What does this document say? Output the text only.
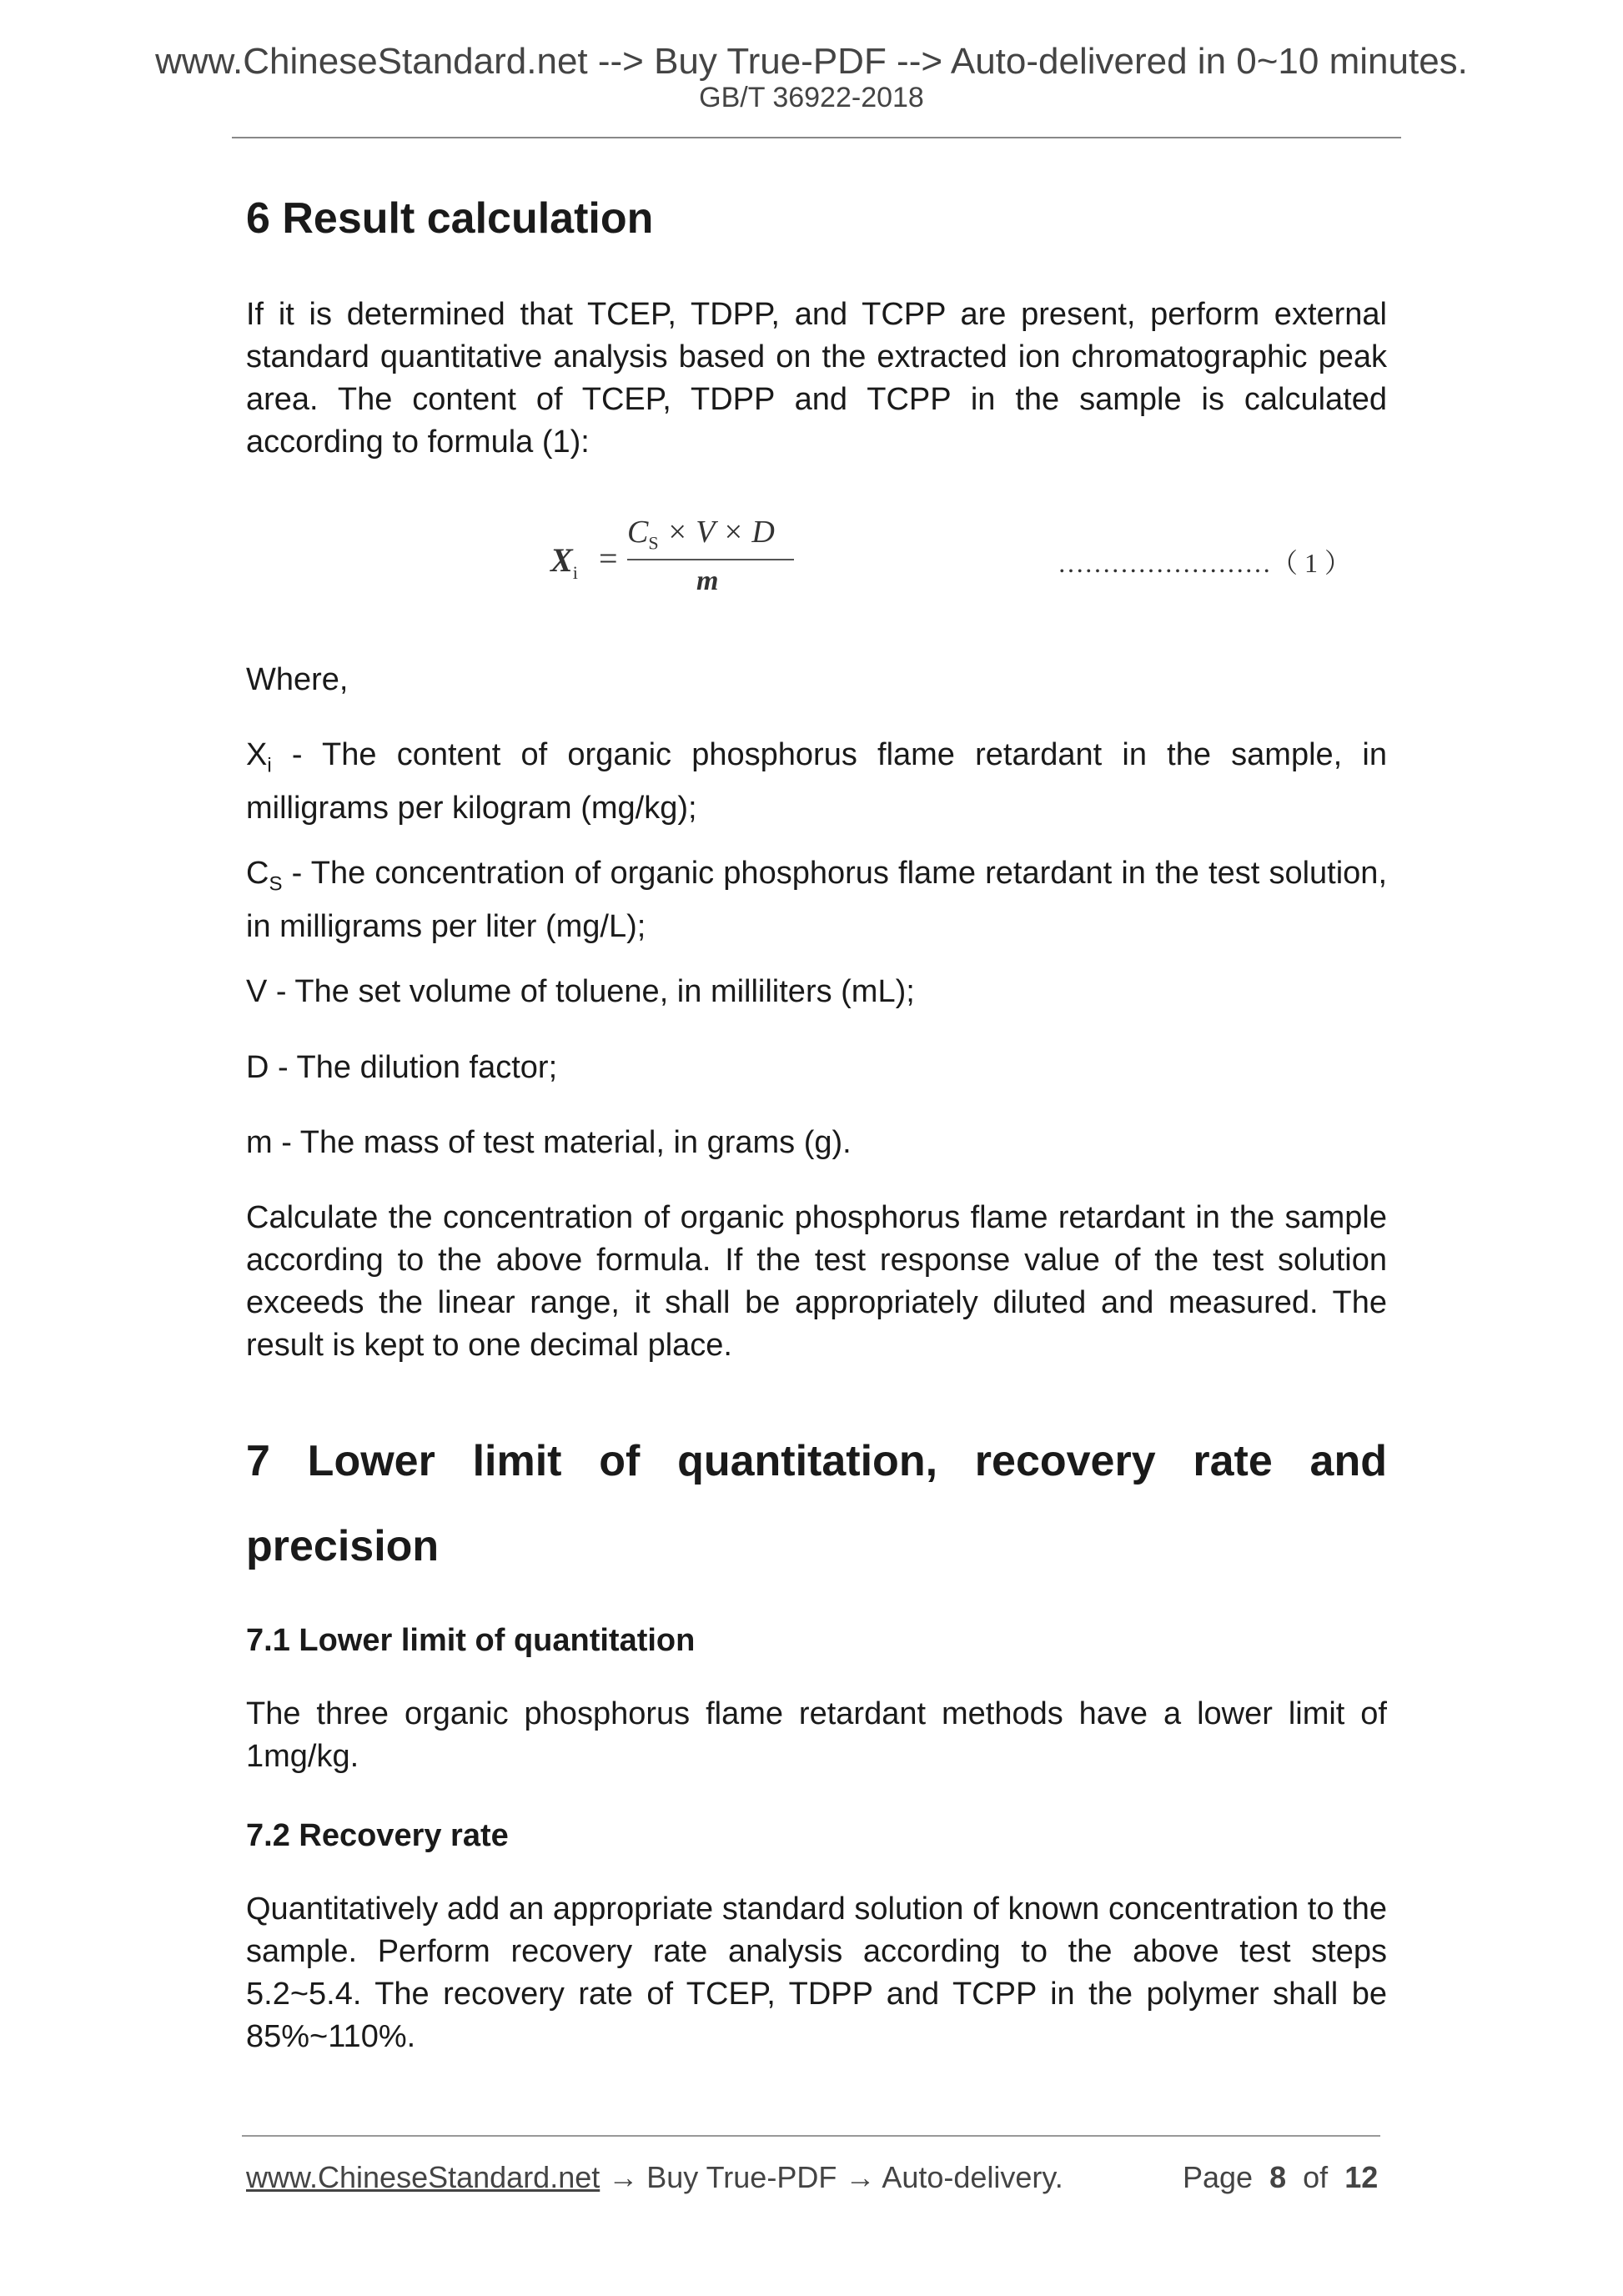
www.ChineseStandard.net --> Buy True-PDF --> Auto-delivered in 0~10 minutes.
GB/T 36922-2018
6 Result calculation
If it is determined that TCEP, TDPP, and TCPP are present, perform external standard quantitative analysis based on the extracted ion chromatographic peak area. The content of TCEP, TDPP and TCPP in the sample is calculated according to formula (1):
$X_i$ =
$C_S \times V \times D$
m
……………………（ 1 ）
Where,
$X_i$ - The content of organic phosphorus flame retardant in the sample, in milligrams per kilogram (mg/kg);
$C_S$ - The concentration of organic phosphorus flame retardant in the test solution, in milligrams per liter (mg/L);
V - The set volume of toluene, in milliliters (mL);
D - The dilution factor;
m - The mass of test material, in grams (g).
Calculate the concentration of organic phosphorus flame retardant in the sample according to the above formula. If the test response value of the test solution exceeds the linear range, it shall be appropriately diluted and measured. The result is kept to one decimal place.
7 Lower limit of quantitation, recovery rate and
precision
7.1 Lower limit of quantitation
The three organic phosphorus flame retardant methods have a lower limit of 1mg/kg.
7.2 Recovery rate
Quantitatively add an appropriate standard solution of known concentration to the sample. Perform recovery rate analysis according to the above test steps 5.2~5.4. The recovery rate of TCEP, TDPP and TCPP in the polymer shall be 85%~110%.
www.ChineseStandard.net → Buy True-PDF → Auto-delivery.	Page 8 of 12
